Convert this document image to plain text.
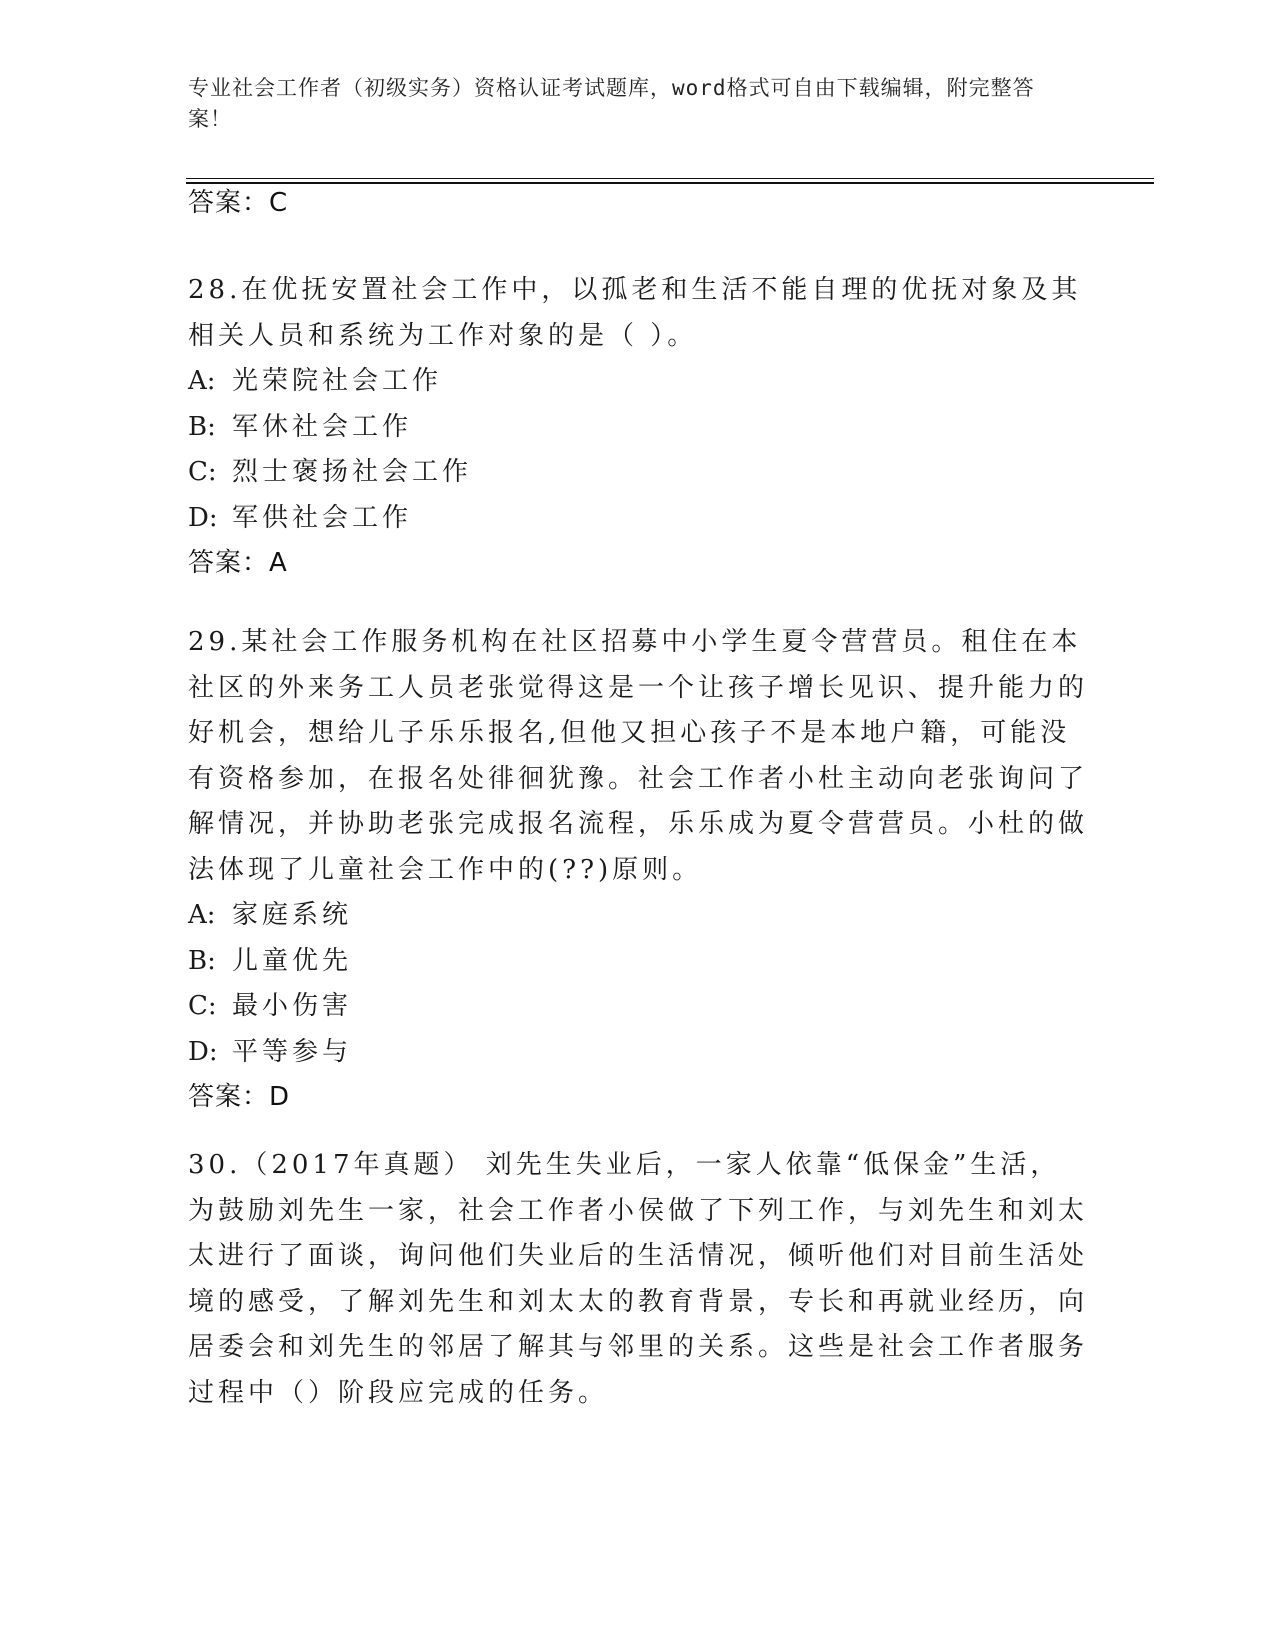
专业社会工作者（初级实务）资格认证考试题库，word格式可自由下载编辑，附完整答案！
答案：C
28.在优抚安置社会工作中，以孤老和生活不能自理的优抚对象及其相关人员和系统为工作对象的是（ ）。
A: 光荣院社会工作
B: 军休社会工作
C: 烈士褒扬社会工作
D: 军供社会工作
答案：A
29.某社会工作服务机构在社区招募中小学生夏令营营员。租住在本社区的外来务工人员老张觉得这是一个让孩子增长见识、提升能力的好机会，想给儿子乐乐报名,但他又担心孩子不是本地户籍，可能没有资格参加，在报名处徘徊犹豫。社会工作者小杜主动向老张询问了解情况，并协助老张完成报名流程，乐乐成为夏令营营员。小杜的做法体现了儿童社会工作中的(??)原则。
A: 家庭系统
B: 儿童优先
C: 最小伤害
D: 平等参与
答案：D
30.（2017年真题） 刘先生失业后，一家人依靠“低保金”生活，为鼓励刘先生一家，社会工作者小侯做了下列工作，与刘先生和刘太太进行了面谈，询问他们失业后的生活情况，倾听他们对目前生活处境的感受，了解刘先生和刘太太的教育背景，专长和再就业经历，向居委会和刘先生的邻居了解其与邻里的关系。这些是社会工作者服务过程中（）阶段应完成的任务。
